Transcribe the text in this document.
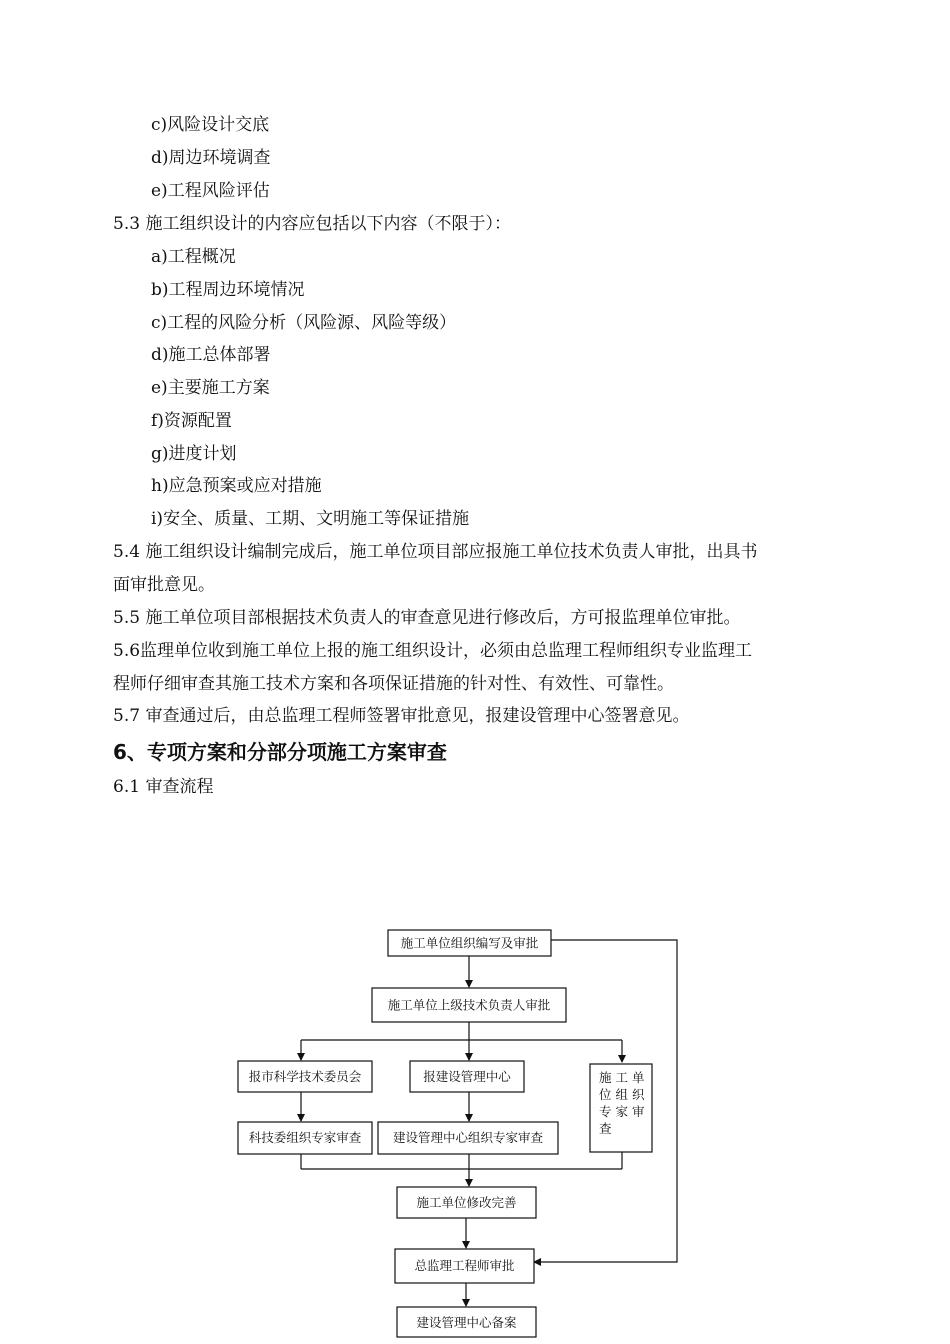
c)风险设计交底
d)周边环境调查
e)工程风险评估
5.3 施工组织设计的内容应包括以下内容（不限于）：
a)工程概况
b)工程周边环境情况
c)工程的风险分析（风险源、风险等级）
d)施工总体部署
e)主要施工方案
f)资源配置
g)进度计划
h)应急预案或应对措施
i)安全、质量、工期、文明施工等保证措施
5.4 施工组织设计编制完成后，施工单位项目部应报施工单位技术负责人审批，出具书
面审批意见。
5.5 施工单位项目部根据技术负责人的审查意见进行修改后，方可报监理单位审批。
5.6监理单位收到施工单位上报的施工组织设计，必须由总监理工程师组织专业监理工
程师仔细审查其施工技术方案和各项保证措施的针对性、有效性、可靠性。
5.7 审查通过后，由总监理工程师签署审批意见，报建设管理中心签署意见。
6、专项方案和分部分项施工方案审查
6.1 审查流程
施工单位组织编写及审批
施工单位上级技术负责人审批
报市科学技术委员会	报建设管理中心	施 工 单
位 组 织
专 家 审
查
科技委组织专家审查	建设管理中心组织专家审查
施工单位修改完善
总监理工程师审批
建设管理中心备案
